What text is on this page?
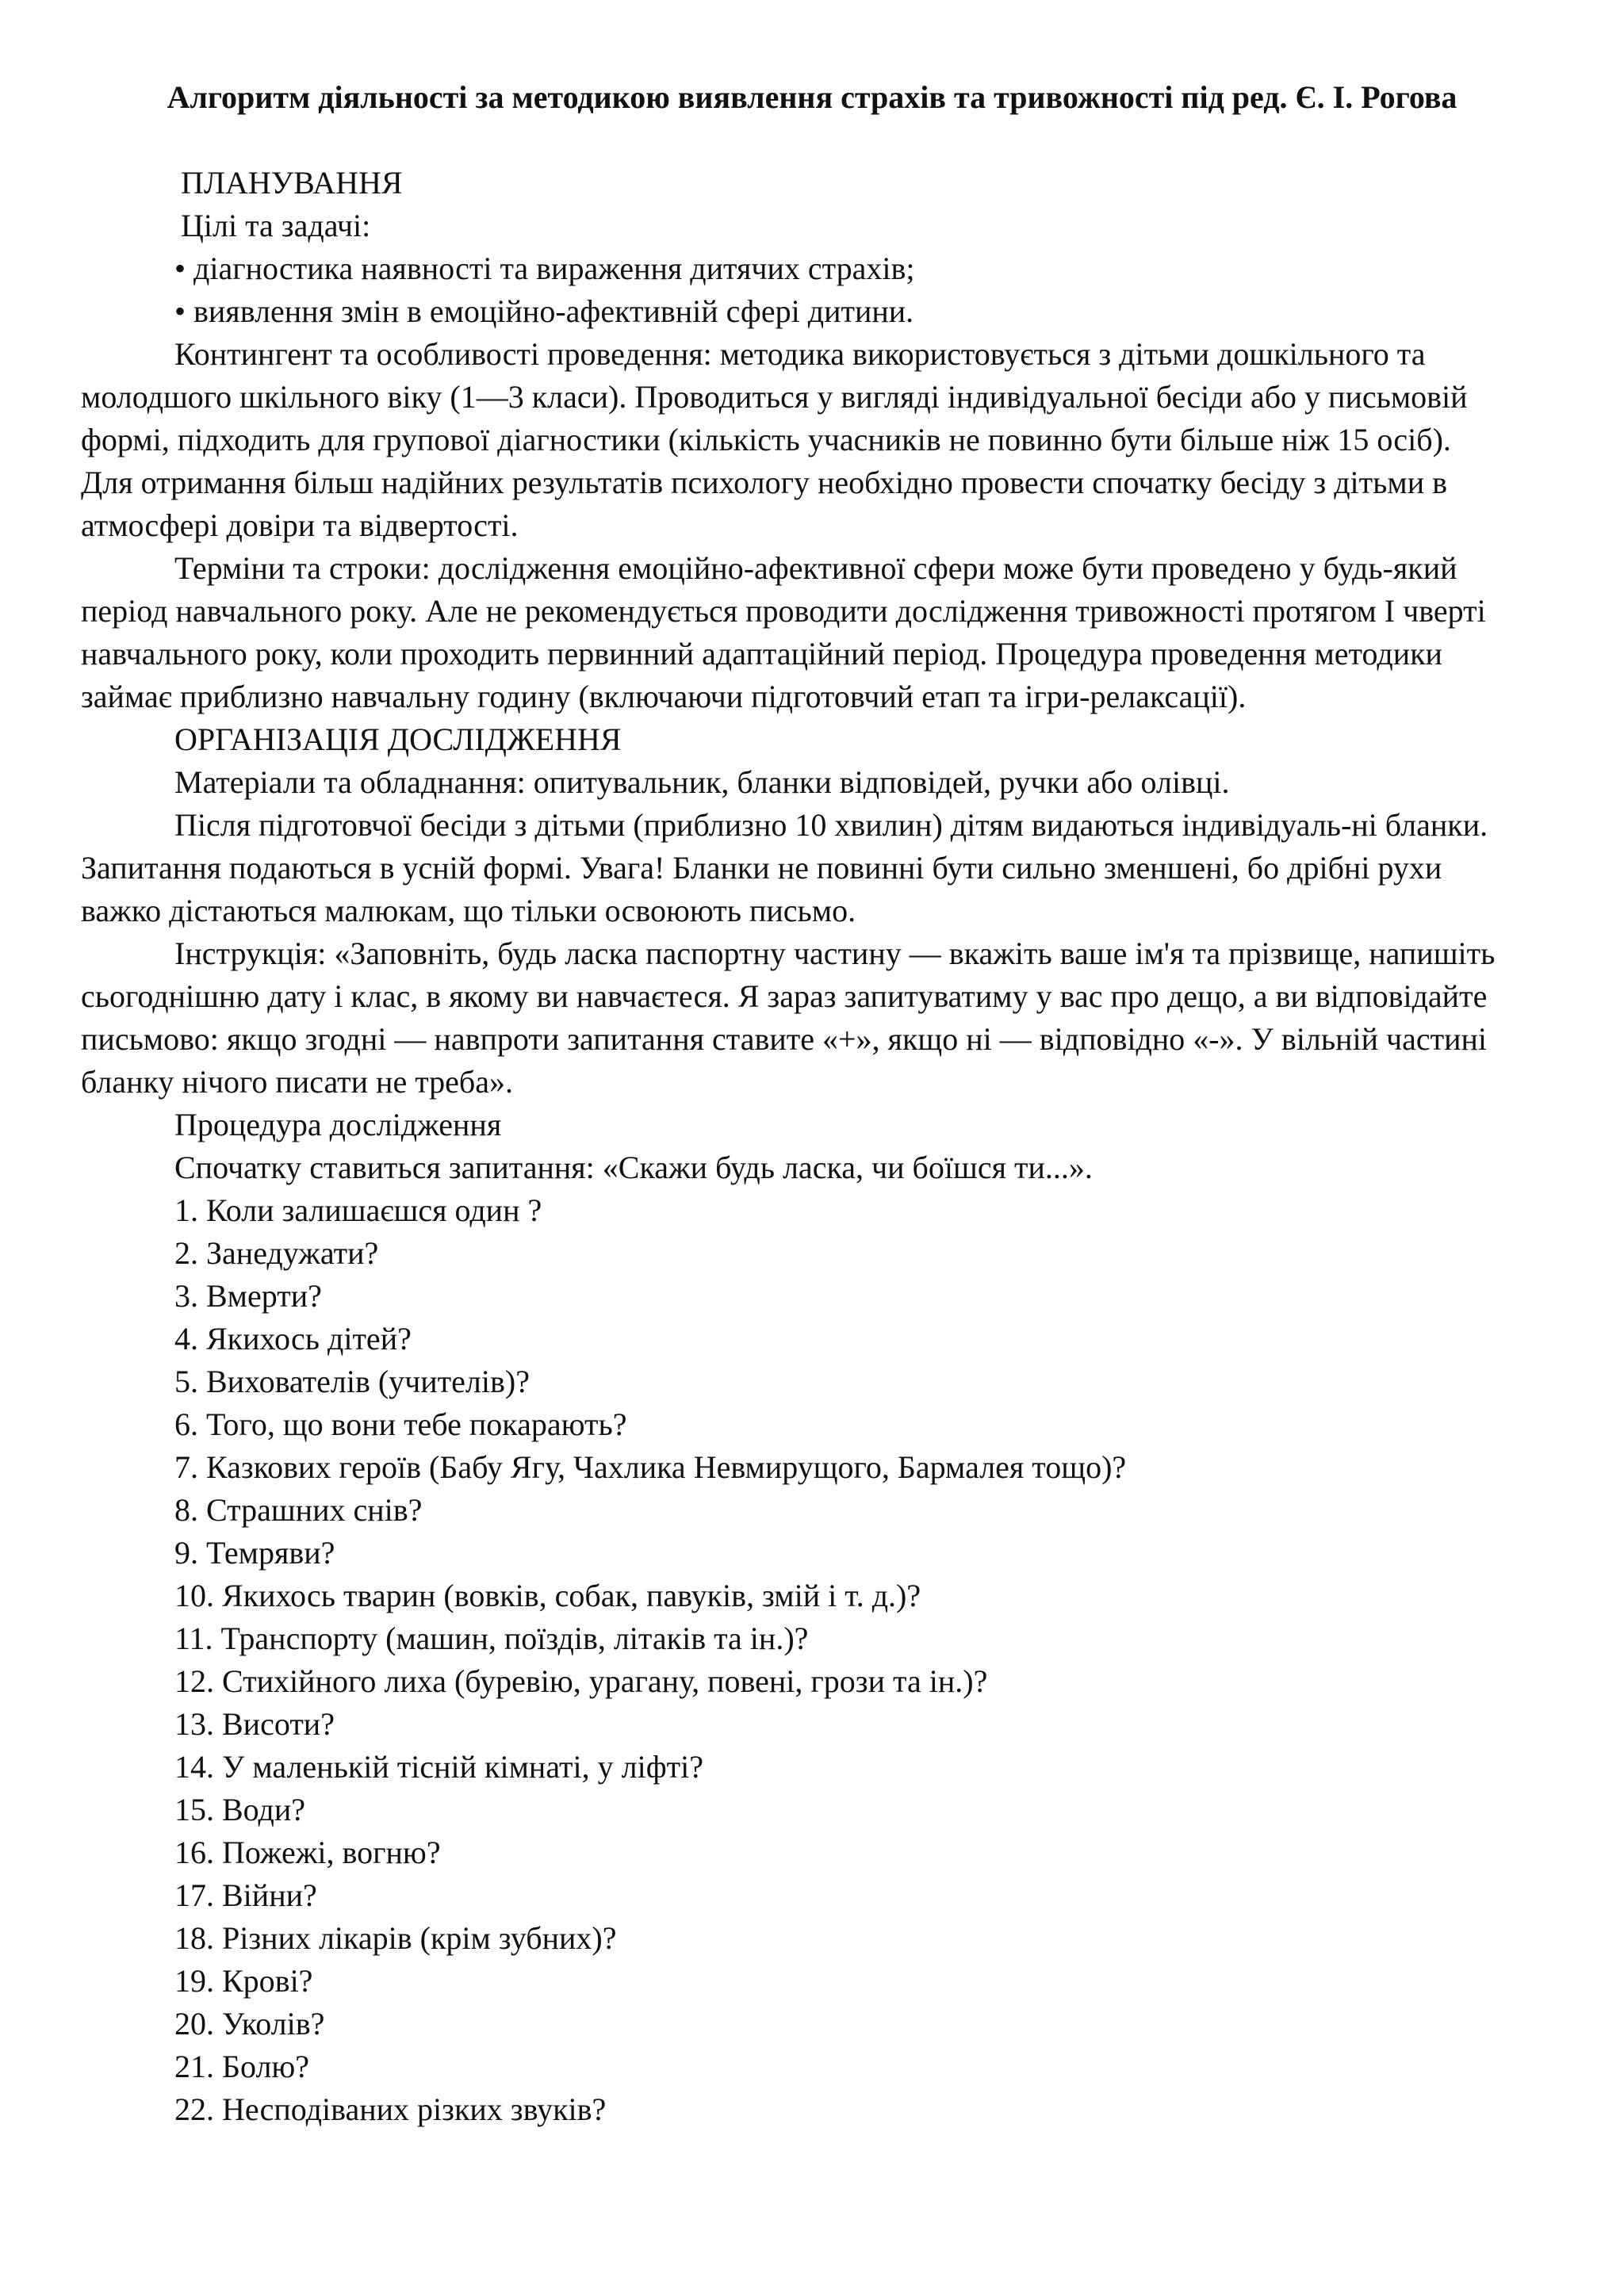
Алгоритм діяльності за методикою виявлення страхів та тривожності під ред. Є. І. Рогова
ПЛАНУВАННЯ
Цілі та задачі:
• діагностика наявності та вираження дитячих страхів;
• виявлення змін в емоційно-афективній сфері дитини.
Контингент та особливості проведення: методика використовується з дітьми дошкільного та
молодшого шкільного віку (1—3 класи). Проводиться у вигляді індивідуальної бесіди або у письмовій
формі, підходить для групової діагностики (кількість учасників не повинно бути більше ніж 15 осіб).
Для отримання більш надійних результатів психологу необхідно провести спочатку бесіду з дітьми в
атмосфері довіри та відвертості.
Терміни та строки: дослідження емоційно-афективної сфери може бути проведено у будь-який
період навчального року. Але не рекомендується проводити дослідження тривожності протягом І чверті
навчального року, коли проходить первинний адаптаційний період. Процедура проведення методики
займає приблизно навчальну годину (включаючи підготовчий етап та ігри-релаксації).
ОРГАНІЗАЦІЯ ДОСЛІДЖЕННЯ
Матеріали та обладнання: опитувальник, бланки відповідей, ручки або олівці.
Після підготовчої бесіди з дітьми (приблизно 10 хвилин) дітям видаються індивідуаль-ні бланки.
Запитання подаються в усній формі. Увага! Бланки не повинні бути сильно зменшені, бо дрібні рухи
важко дістаються малюкам, що тільки освоюють письмо.
Інструкція: «Заповніть, будь ласка паспортну частину — вкажіть ваше ім'я та прізвище, напишіть
сьогоднішню дату і клас, в якому ви навчаєтеся. Я зараз запитуватиму у вас про дещо, а ви відповідайте
письмово: якщо згодні — навпроти запитання ставите «+», якщо ні — відповідно «-». У вільній частині
бланку нічого писати не треба».
Процедура дослідження
Спочатку ставиться запитання: «Скажи будь ласка, чи боїшся ти...».
1. Коли залишаєшся один ?
2. Занедужати?
3. Вмерти?
4. Якихось дітей?
5. Вихователів (учителів)?
6. Того, що вони тебе покарають?
7. Казкових героїв (Бабу Ягу, Чахлика Невмирущого, Бармалея тощо)?
8. Страшних снів?
9. Темряви?
10. Якихось тварин (вовків, собак, павуків, змій і т. д.)?
11. Транспорту (машин, поїздів, літаків та ін.)?
12. Стихійного лиха (буревію, урагану, повені, грози та ін.)?
13. Висоти?
14. У маленькій тісній кімнаті, у ліфті?
15. Води?
16. Пожежі, вогню?
17. Війни?
18. Різних лікарів (крім зубних)?
19. Крові?
20. Уколів?
21. Болю?
22. Несподіваних різких звуків?
